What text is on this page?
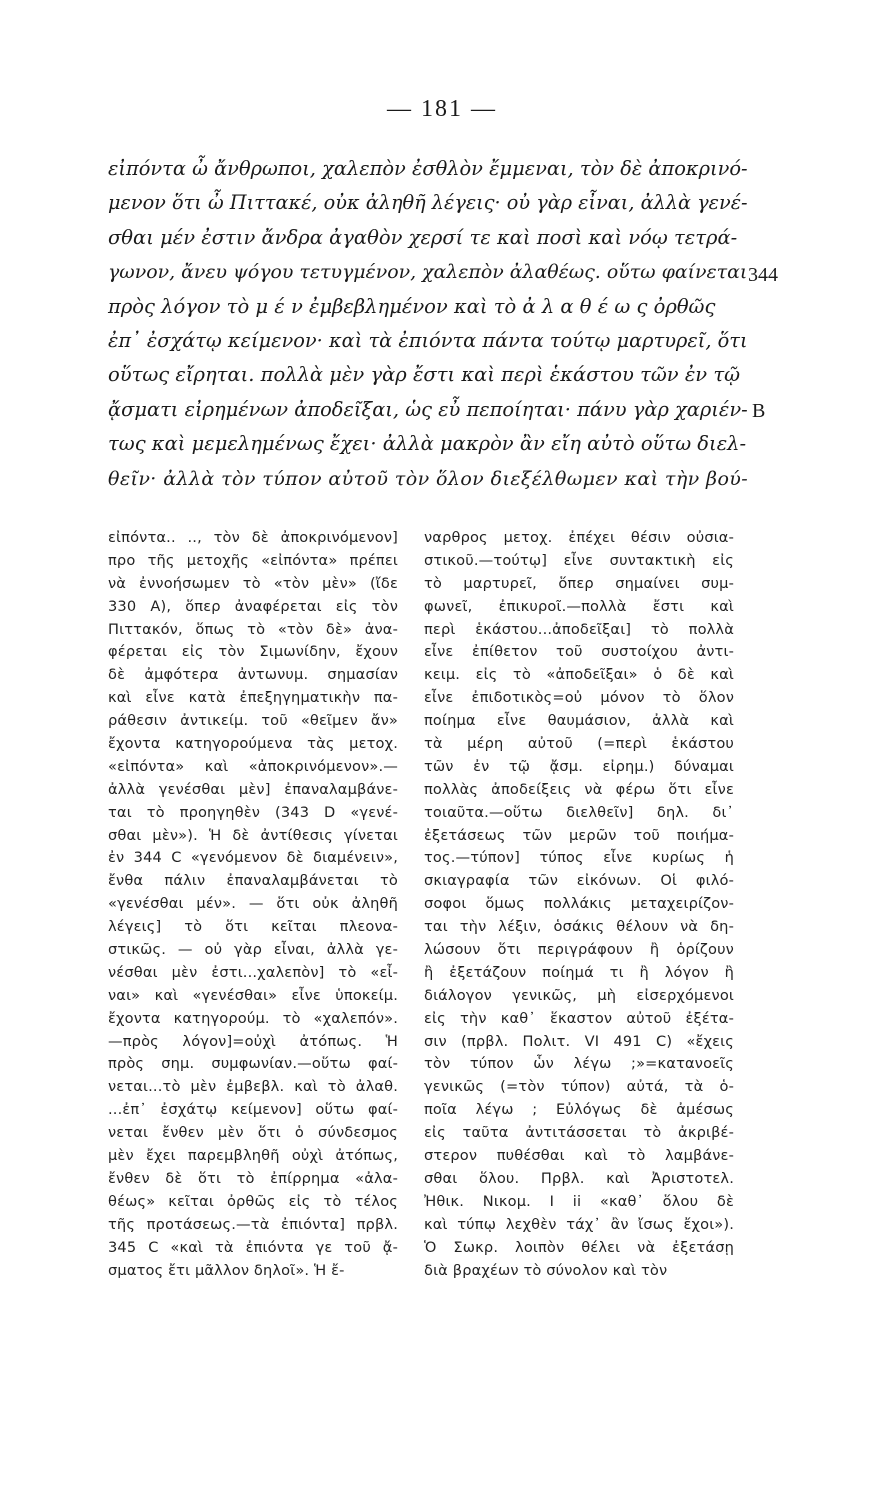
— 181 —
εἰπόντα ὦ ἄνθρωποι, χαλεπὸν ἐσθλὸν ἔμμεναι, τὸν δὲ ἀποκρινό-
μενον ὅτι ὦ Πιττακέ, οὐκ ἀληθῆ λέγεις· οὐ γὰρ εἶναι, ἀλλὰ γενέ-
σθαι μέν ἐστιν ἄνδρα ἀγαθὸν χερσί τε καὶ ποσὶ καὶ νόῳ τετρά-
γωνον, ἄνευ ψόγου τετυγμένον, χαλεπὸν ἀλαθέως. οὕτω φαίνεται
πρὸς λόγον τὸ μ έ ν ἐμβεβλημένον καὶ τὸ ἀ λ α θ έ ω ς ὀρθῶς
ἐπ᾽ ἐσχάτῳ κείμενον· καὶ τὰ ἐπιόντα πάντα τούτῳ μαρτυρεῖ, ὅτι
οὕτως εἴρηται. πολλὰ μὲν γὰρ ἔστι καὶ περὶ ἑκάστου τῶν ἐν τῷ
ᾄσματι εἰρημένων ἀποδεῖξαι, ὡς εὖ πεποίηται· πάνυ γὰρ χαριέν-
τως καὶ μεμελημένως ἔχει· ἀλλὰ μακρὸν ἂν εἴη αὐτὸ οὕτω διελ-
θεῖν· ἀλλὰ τὸν τύπον αὐτοῦ τὸν ὅλον διεξέλθωμεν καὶ τὴν βού-
344
B
εἰπόντα.. .., τὸν δὲ ἀποκρινόμενον]
προ τῆς μετοχῆς «εἰπόντα» πρέπει
νὰ ἐννοήσωμεν τὸ «τὸν μὲν» (ἴδε
330 Α), ὅπερ ἀναφέρεται εἰς τὸν
Πιττακόν, ὅπως τὸ «τὸν δὲ» ἀνα-
φέρεται εἰς τὸν Σιμωνίδην, ἔχουν
δὲ ἀμφότερα ἀντωνυμ. σημασίαν
καὶ εἶνε κατὰ ἐπεξηγηματικὴν πα-
ράθεσιν ἀντικείμ. τοῦ «θεῖμεν ἄν»
ἔχοντα κατηγορούμενα τὰς μετοχ.
«εἰπόντα» καὶ «ἀποκρινόμενον».—
ἀλλὰ γενέσθαι μὲν] ἐπαναλαμβάνε-
ται τὸ προηγηθὲν (343 D «γενέ-
σθαι μὲν»). Ἡ δὲ ἀντίθεσις γίνεται
ἐν 344 C «γενόμενον δὲ διαμένειν»,
ἔνθα πάλιν ἐπαναλαμβάνεται τὸ
«γενέσθαι μέν». — ὅτι οὐκ ἀληθῆ
λέγεις] τὸ ὅτι κεῖται πλεονα-
στικῶς. — οὐ γὰρ εἶναι, ἀλλὰ γε-
νέσθαι μὲν ἐστι...χαλεπὸν] τὸ «εἶ-
ναι» καὶ «γενέσθαι» εἶνε ὑποκείμ.
ἔχοντα κατηγορούμ. τὸ «χαλεπόν».
—πρὸς λόγον]=οὐχὶ ἀτόπως. Ἡ
πρὸς σημ. συμφωνίαν.—οὕτω φαί-
νεται...τὸ μὲν ἐμβεβλ. καὶ τὸ ἀλαθ.
...ἐπ᾽ ἐσχάτῳ κείμενον] οὕτω φαί-
νεται ἔνθεν μὲν ὅτι ὁ σύνδεσμος
μὲν ἔχει παρεμβληθῆ οὐχὶ ἀτόπως,
ἔνθεν δὲ ὅτι τὸ ἐπίρρημα «ἀλα-
θέως» κεῖται ὀρθῶς εἰς τὸ τέλος
τῆς προτάσεως.—τὰ ἐπιόντα] πρβλ.
345 C «καὶ τὰ ἐπιόντα γε τοῦ ᾄ-
σματος ἔτι μᾶλλον δηλοῖ». Ἡ ἔ-
ναρθρος μετοχ. ἐπέχει θέσιν οὐσια-
στικοῦ.—τούτῳ] εἶνε συντακτικὴ εἰς
τὸ μαρτυρεῖ, ὅπερ σημαίνει συμ-
φωνεῖ, ἐπικυροῖ.—πολλὰ ἔστι καὶ
περὶ ἑκάστου...ἀποδεῖξαι] τὸ πολλὰ
εἶνε ἐπίθετον τοῦ συστοίχου ἀντι-
κειμ. εἰς τὸ «ἀποδεῖξαι» ὁ δὲ καὶ
εἶνε ἐπιδοτικὸς=οὐ μόνον τὸ ὅλον
ποίημα εἶνε θαυμάσιον, ἀλλὰ καὶ
τὰ μέρη αὐτοῦ (=περὶ ἑκάστου
τῶν ἐν τῷ ᾄσμ. εἰρημ.) δύναμαι
πολλὰς ἀποδείξεις νὰ φέρω ὅτι εἶνε
τοιαῦτα.—οὕτω διελθεῖν] δηλ. δι᾽
ἐξετάσεως τῶν μερῶν τοῦ ποιήμα-
τος.—τύπον] τύπος εἶνε κυρίως ἡ
σκιαγραφία τῶν εἰκόνων. Οἱ φιλό-
σοφοι ὅμως πολλάκις μεταχειρίζον-
ται τὴν λέξιν, ὁσάκις θέλουν νὰ δη-
λώσουν ὅτι περιγράφουν ἢ ὁρίζουν
ἢ ἐξετάζουν ποίημά τι ἢ λόγον ἢ
διάλογον γενικῶς, μὴ εἰσερχόμενοι
εἰς τὴν καθ᾽ ἕκαστον αὐτοῦ ἐξέτα-
σιν (πρβλ. Πολιτ. VI 491 C) «ἔχεις
τὸν τύπον ὧν λέγω ;»=κατανοεῖς
γενικῶς (=τὸν τύπον) αὐτά, τὰ ὁ-
ποῖα λέγω ; Εὐλόγως δὲ ἀμέσως
εἰς ταῦτα ἀντιτάσσεται τὸ ἀκριβέ-
στερον πυθέσθαι καὶ τὸ λαμβάνε-
σθαι ὅλου. Πρβλ. καὶ Ἀριστοτελ.
Ἠθικ. Νικομ. I ii «καθ᾽ ὅλου δὲ
καὶ τύπῳ λεχθὲν τάχ᾽ ἂν ἴσως ἔχοι»).
Ὁ Σωκρ. λοιπὸν θέλει νὰ ἐξετάσῃ
διὰ βραχέων τὸ σύνολον καὶ τὸν
